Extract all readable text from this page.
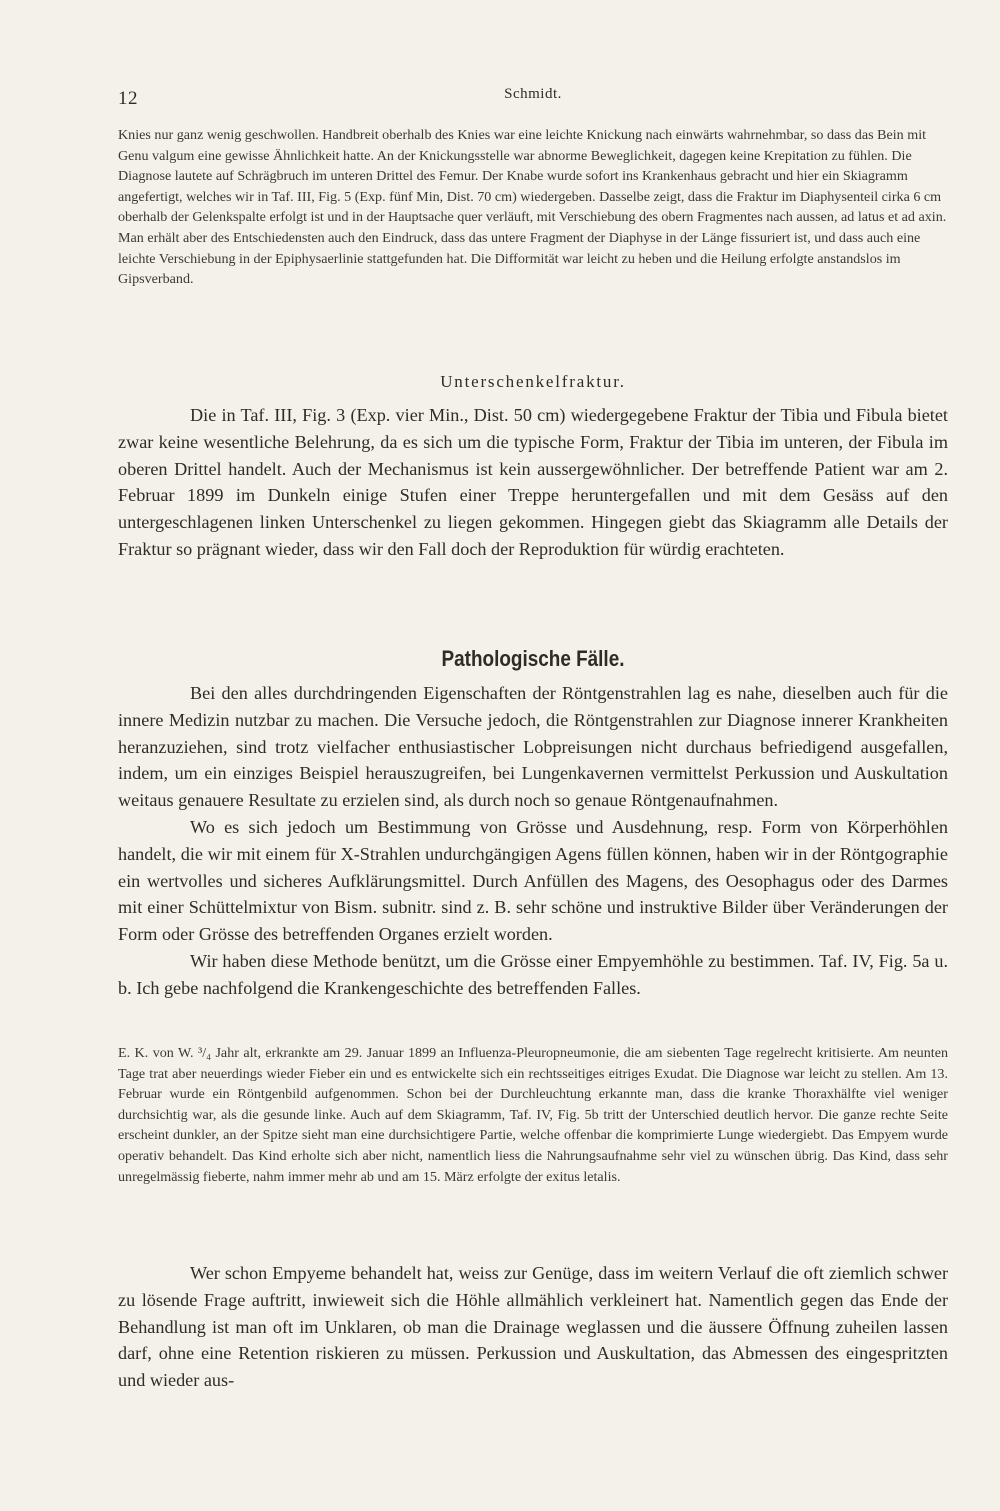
12	Schmidt.

Knies nur ganz wenig geschwollen. Handbreit oberhalb des Knies war eine leichte Knickung nach einwärts wahrnehmbar, so dass das Bein mit Genu valgum eine gewisse Ähnlichkeit hatte. An der Knickungsstelle war abnorme Beweglichkeit, dagegen keine Krepitation zu fühlen. Die Diagnose lautete auf Schrägbruch im unteren Drittel des Femur. Der Knabe wurde sofort ins Krankenhaus gebracht und hier ein Skiagramm angefertigt, welches wir in Taf. III, Fig. 5 (Exp. fünf Min, Dist. 70 cm) wiedergeben. Dasselbe zeigt, dass die Fraktur im Diaphysenteil cirka 6 cm oberhalb der Gelenkspalte erfolgt ist und in der Hauptsache quer verläuft, mit Verschiebung des obern Fragmentes nach aussen, ad latus et ad axin. Man erhält aber des Entschiedensten auch den Eindruck, dass das untere Fragment der Diaphyse in der Länge fissuriert ist, und dass auch eine leichte Verschiebung in der Epiphysaerlinie stattgefunden hat. Die Difformität war leicht zu heben und die Heilung erfolgte anstandslos im Gipsverband.

Unterschenkelfraktur.

Die in Taf. III, Fig. 3 (Exp. vier Min., Dist. 50 cm) wiedergegebene Fraktur der Tibia und Fibula bietet zwar keine wesentliche Belehrung, da es sich um die typische Form, Fraktur der Tibia im unteren, der Fibula im oberen Drittel handelt. Auch der Mechanismus ist kein aussergewöhnlicher. Der betreffende Patient war am 2. Februar 1899 im Dunkeln einige Stufen einer Treppe heruntergefallen und mit dem Gesäss auf den untergeschlagenen linken Unterschenkel zu liegen gekommen. Hingegen giebt das Skiagramm alle Details der Fraktur so prägnant wieder, dass wir den Fall doch der Reproduktion für würdig erachteten.

Pathologische Fälle.

Bei den alles durchdringenden Eigenschaften der Röntgenstrahlen lag es nahe, dieselben auch für die innere Medizin nutzbar zu machen. Die Versuche jedoch, die Röntgenstrahlen zur Diagnose innerer Krankheiten heranzuziehen, sind trotz vielfacher enthusiastischer Lobpreisungen nicht durchaus befriedigend ausgefallen, indem, um ein einziges Beispiel herauszugreifen, bei Lungenkavernen vermittelst Perkussion und Auskultation weitaus genauere Resultate zu erzielen sind, als durch noch so genaue Röntgenaufnahmen.

Wo es sich jedoch um Bestimmung von Grösse und Ausdehnung, resp. Form von Körperhöhlen handelt, die wir mit einem für X-Strahlen undurchgängigen Agens füllen können, haben wir in der Röntgographie ein wertvolles und sicheres Aufklärungsmittel. Durch Anfüllen des Magens, des Oesophagus oder des Darmes mit einer Schüttelmixtur von Bism. subnitr. sind z. B. sehr schöne und instruktive Bilder über Veränderungen der Form oder Grösse des betreffenden Organes erzielt worden.

Wir haben diese Methode benützt, um die Grösse einer Empyemhöhle zu bestimmen. Taf. IV, Fig. 5a u. b. Ich gebe nachfolgend die Krankengeschichte des betreffenden Falles.

E. K. von W. ³/₄ Jahr alt, erkrankte am 29. Januar 1899 an Influenza-Pleuropneumonie, die am siebenten Tage regelrecht kritisierte. Am neunten Tage trat aber neuerdings wieder Fieber ein und es entwickelte sich ein rechtsseitiges eitriges Exudat. Die Diagnose war leicht zu stellen. Am 13. Februar wurde ein Röntgenbild aufgenommen. Schon bei der Durchleuchtung erkannte man, dass die kranke Thoraxhälfte viel weniger durchsichtig war, als die gesunde linke. Auch auf dem Skiagramm, Taf. IV, Fig. 5b tritt der Unterschied deutlich hervor. Die ganze rechte Seite erscheint dunkler, an der Spitze sieht man eine durchsichtigere Partie, welche offenbar die komprimierte Lunge wiedergiebt. Das Empyem wurde operativ behandelt. Das Kind erholte sich aber nicht, namentlich liess die Nahrungsaufnahme sehr viel zu wünschen übrig. Das Kind, dass sehr unregelmässig fieberte, nahm immer mehr ab und am 15. März erfolgte der exitus letalis.

Wer schon Empyeme behandelt hat, weiss zur Genüge, dass im weitern Verlauf die oft ziemlich schwer zu lösende Frage auftritt, inwieweit sich die Höhle allmählich verkleinert hat. Namentlich gegen das Ende der Behandlung ist man oft im Unklaren, ob man die Drainage weglassen und die äussere Öffnung zuheilen lassen darf, ohne eine Retention riskieren zu müssen. Perkussion und Auskultation, das Abmessen des eingespritzten und wieder aus-
